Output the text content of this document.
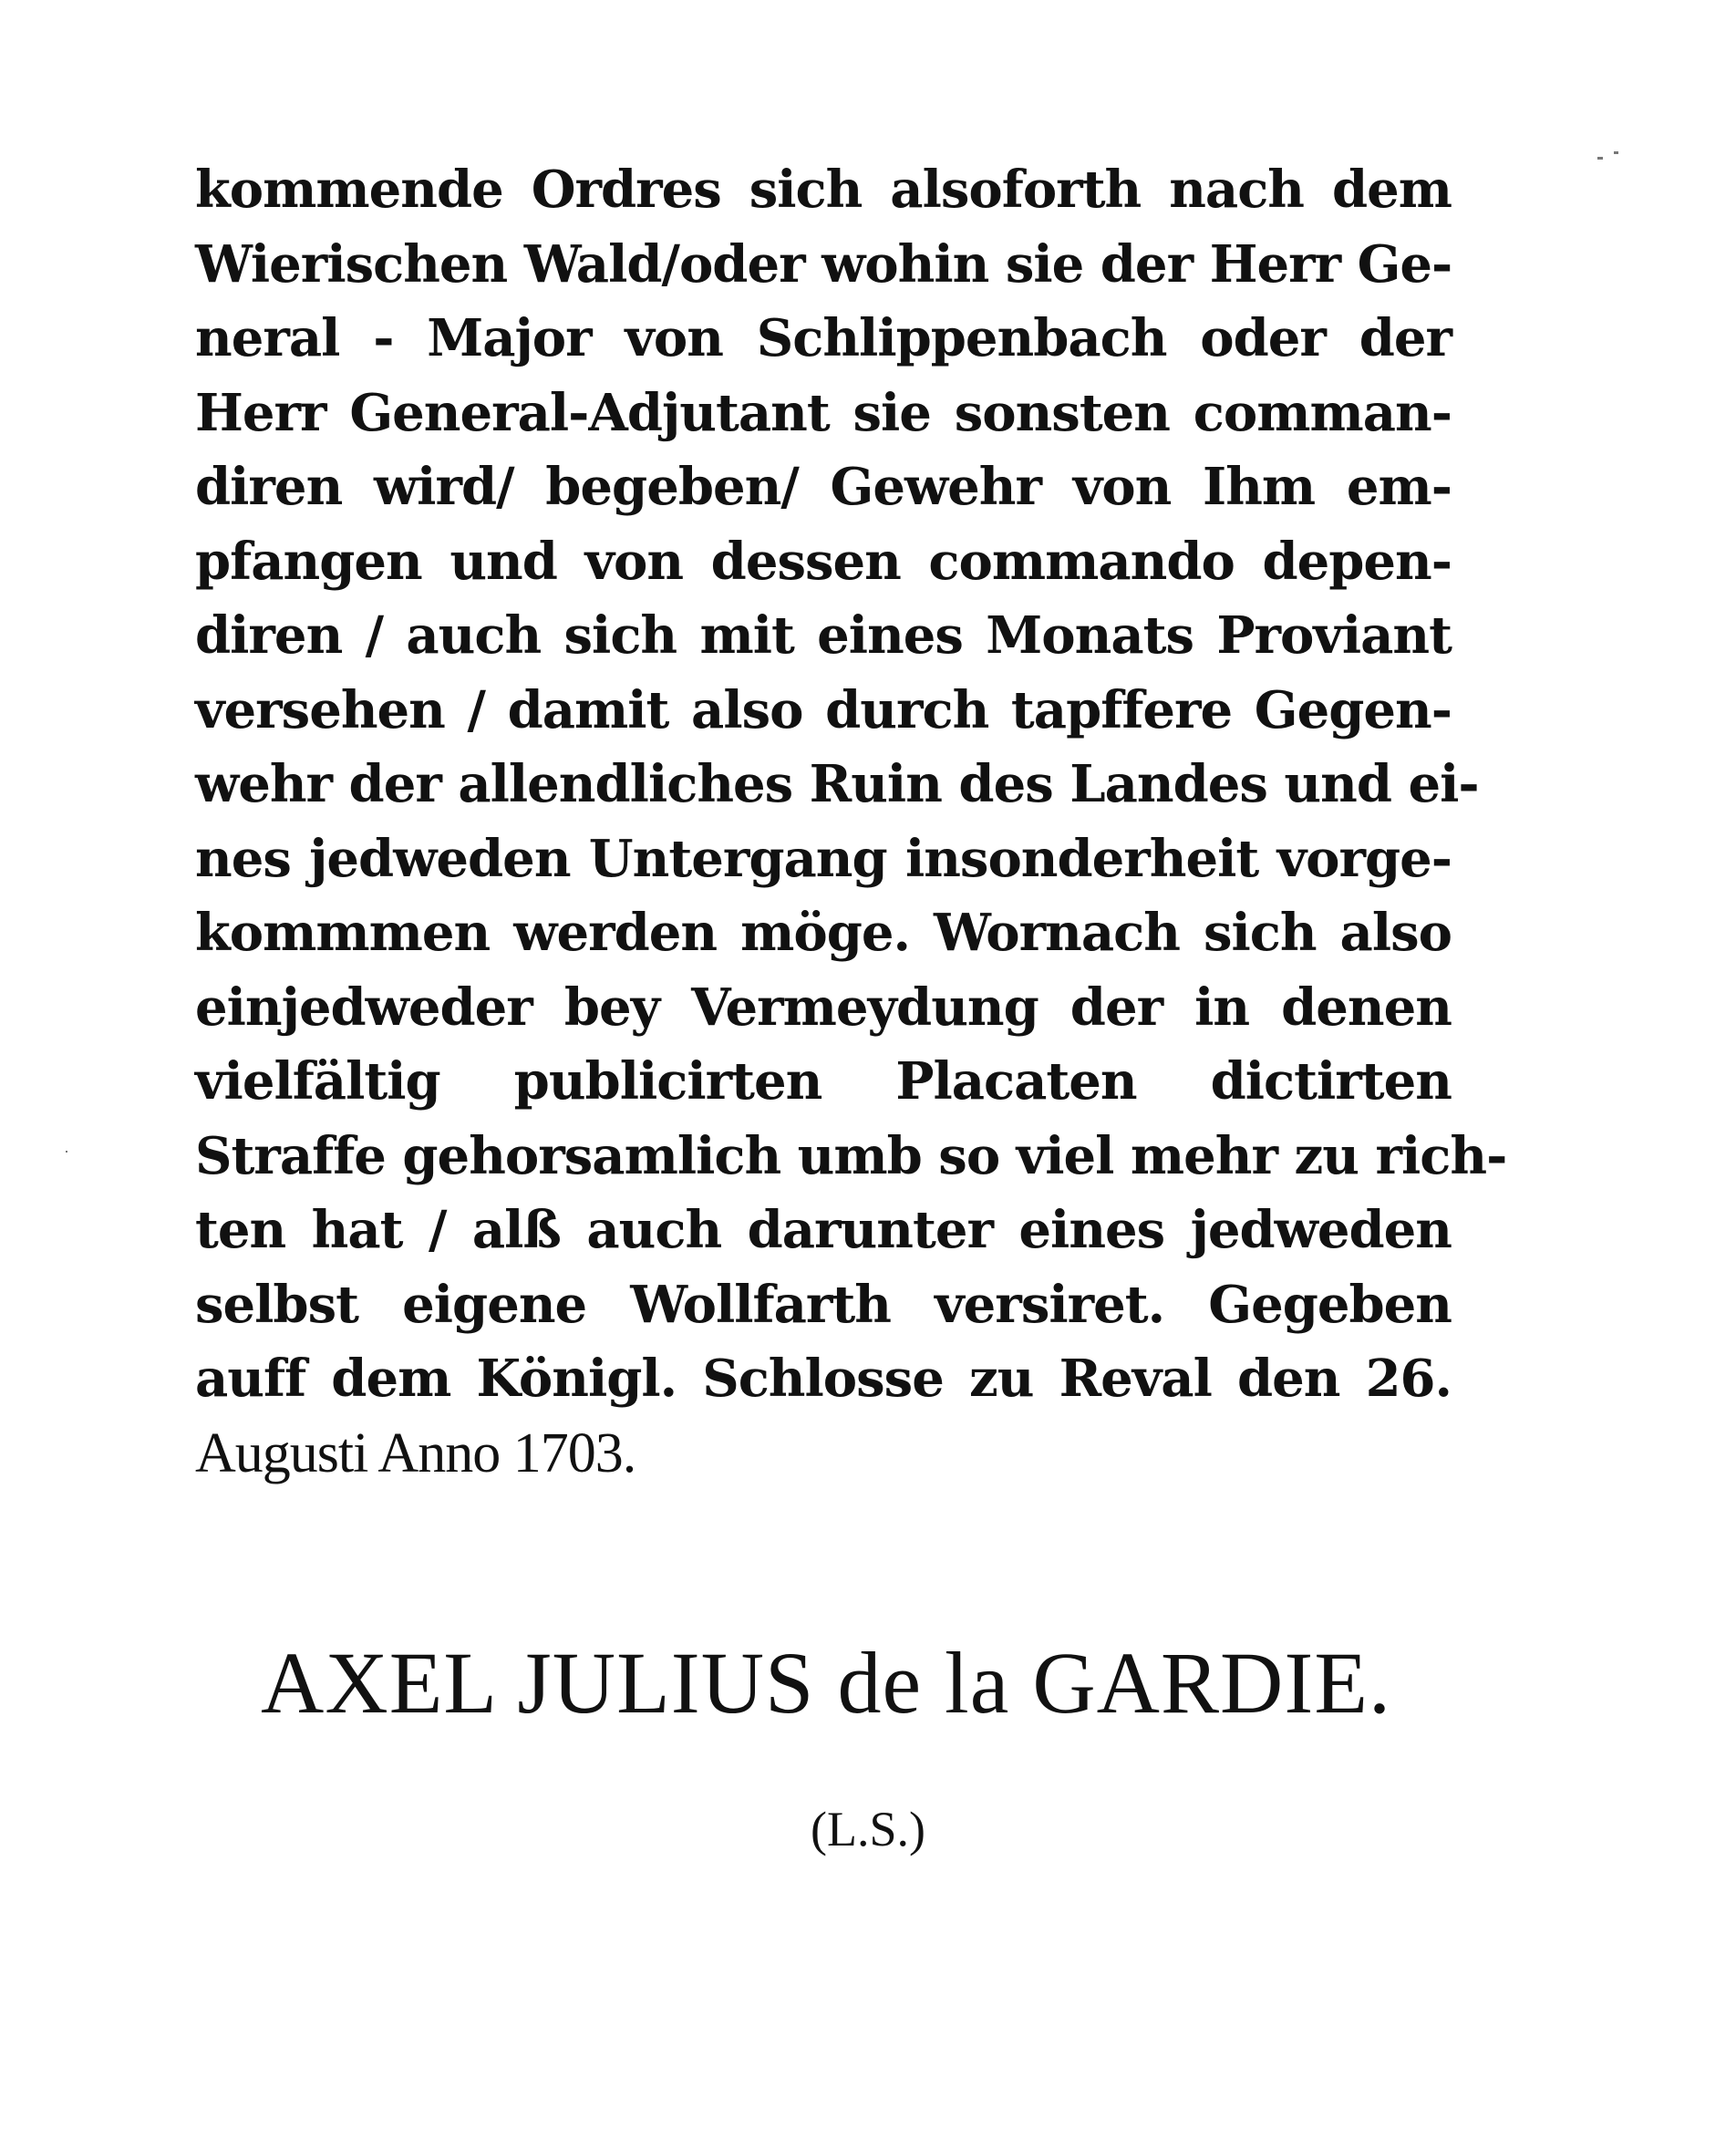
kommende Ordres sich alsoforth nach dem
Wierischen Wald/oder wohin sie der Herr Ge-
neral - Major von Schlippenbach oder der
Herr General-Adjutant sie sonsten comman-
diren wird/ begeben/ Gewehr von Ihm em-
pfangen und von dessen commando depen-
diren / auch sich mit eines Monats Proviant
versehen / damit also durch tapffere Gegen-
wehr der allendliches Ruin des Landes und ei-
nes jedweden Untergang insonderheit vorge-
kommmen werden möge. Wornach sich also
einjedweder bey Vermeydung der in denen
vielfältig publicirten Placaten dictirten
Straffe gehorsamlich umb so viel mehr zu rich-
ten hat / alß auch darunter eines jedweden
selbst eigene Wollfarth versiret. Gegeben
auff dem Königl. Schlosse zu Reval den 26.
Augusti Anno 1703.
AXEL JULIUS de la GARDIE.
(L.S.)
